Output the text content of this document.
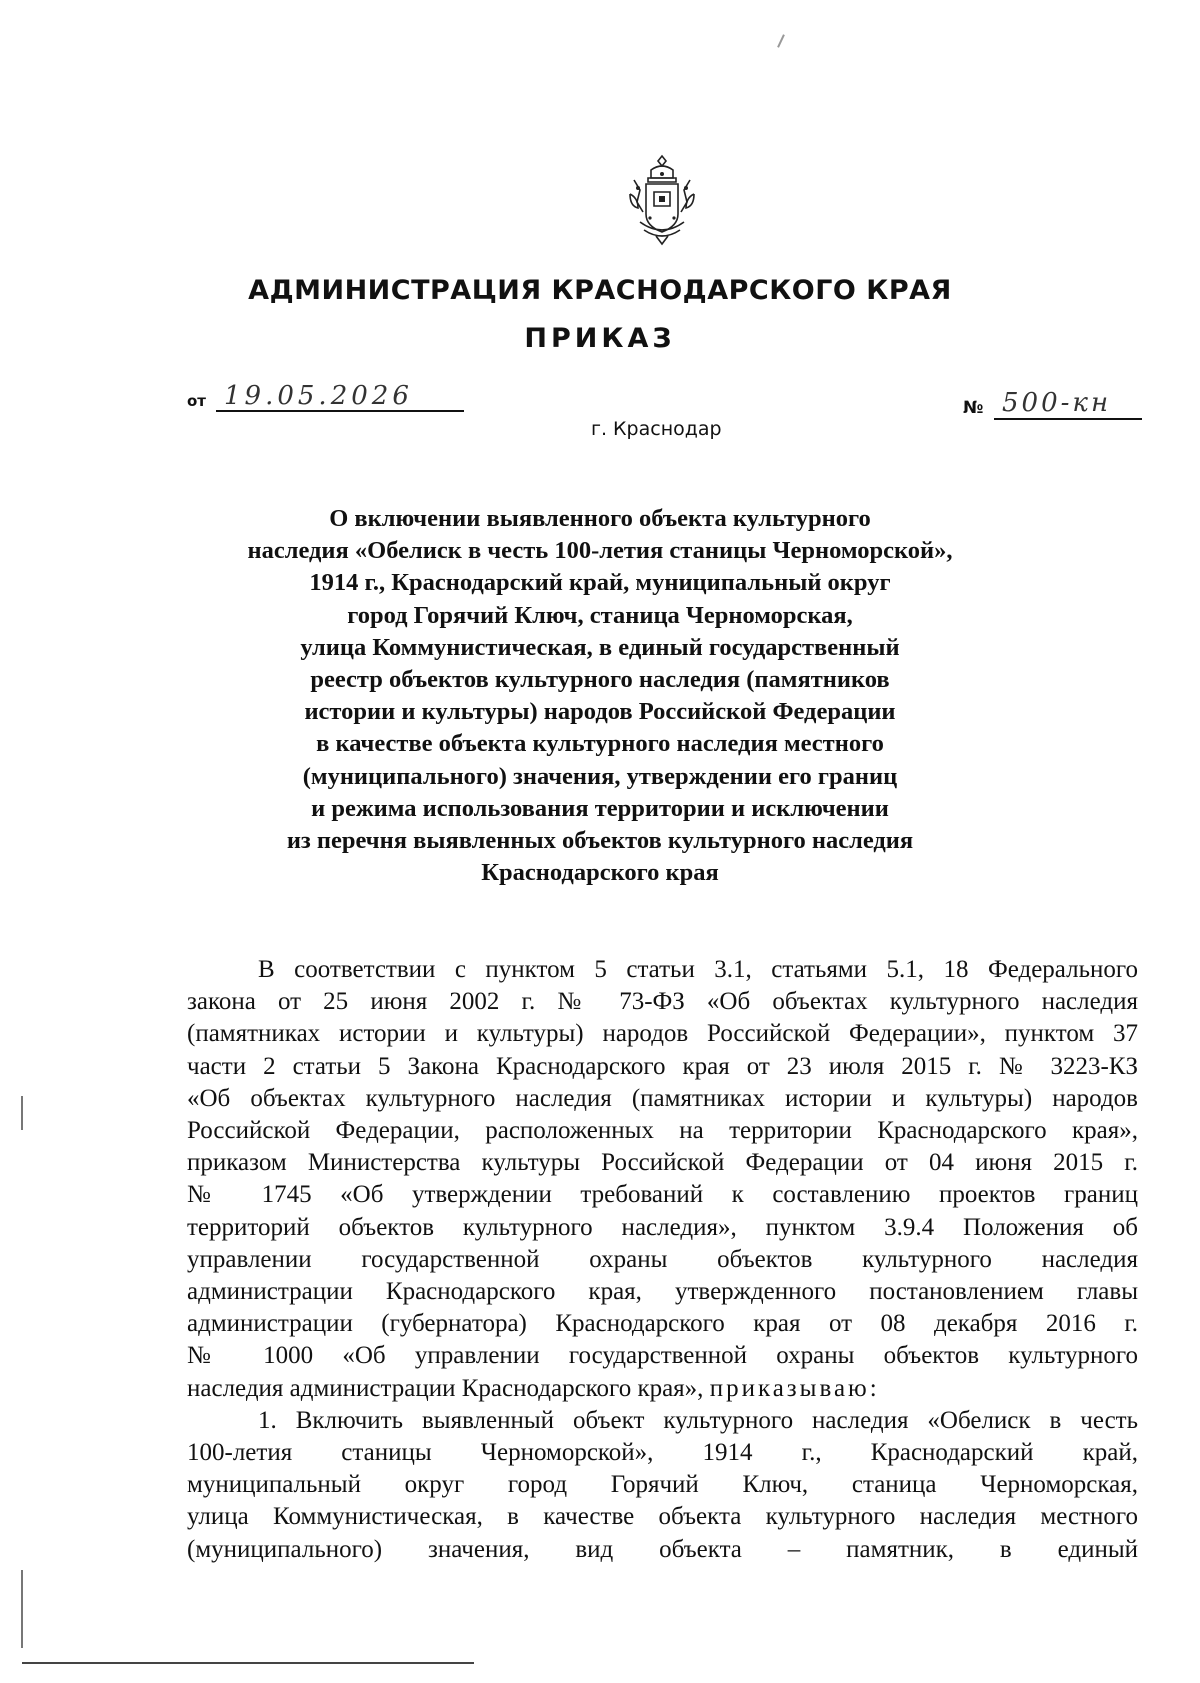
АДМИНИСТРАЦИЯ КРАСНОДАРСКОГО КРАЯ
ПРИКАЗ
от 19.05.2026
г. Краснодар
№ 500-кн
О включении выявленного объекта культурного
наследия «Обелиск в честь 100-летия станицы Черноморской»,
1914 г., Краснодарский край, муниципальный округ
город Горячий Ключ, станица Черноморская,
улица Коммунистическая, в единый государственный
реестр объектов культурного наследия (памятников
истории и культуры) народов Российской Федерации
в качестве объекта культурного наследия местного
(муниципального) значения, утверждении его границ
и режима использования территории и исключении
из перечня выявленных объектов культурного наследия
Краснодарского края
В соответствии с пунктом 5 статьи 3.1, статьями 5.1, 18 Федерального
закона от 25 июня 2002 г. № 73-ФЗ «Об объектах культурного наследия
(памятниках истории и культуры) народов Российской Федерации», пунктом 37
части 2 статьи 5 Закона Краснодарского края от 23 июля 2015 г. № 3223-КЗ
«Об объектах культурного наследия (памятниках истории и культуры) народов
Российской Федерации, расположенных на территории Краснодарского края»,
приказом Министерства культуры Российской Федерации от 04 июня 2015 г.
№ 1745 «Об утверждении требований к составлению проектов границ
территорий объектов культурного наследия», пунктом 3.9.4 Положения об
управлении государственной охраны объектов культурного наследия
администрации Краснодарского края, утвержденного постановлением главы
администрации (губернатора) Краснодарского края от 08 декабря 2016 г.
№ 1000 «Об управлении государственной охраны объектов культурного
наследия администрации Краснодарского края», приказываю:
1. Включить выявленный объект культурного наследия «Обелиск в честь
100-летия станицы Черноморской», 1914 г., Краснодарский край,
муниципальный округ город Горячий Ключ, станица Черноморская,
улица Коммунистическая, в качестве объекта культурного наследия местного
(муниципального) значения, вид объекта – памятник, в единый
